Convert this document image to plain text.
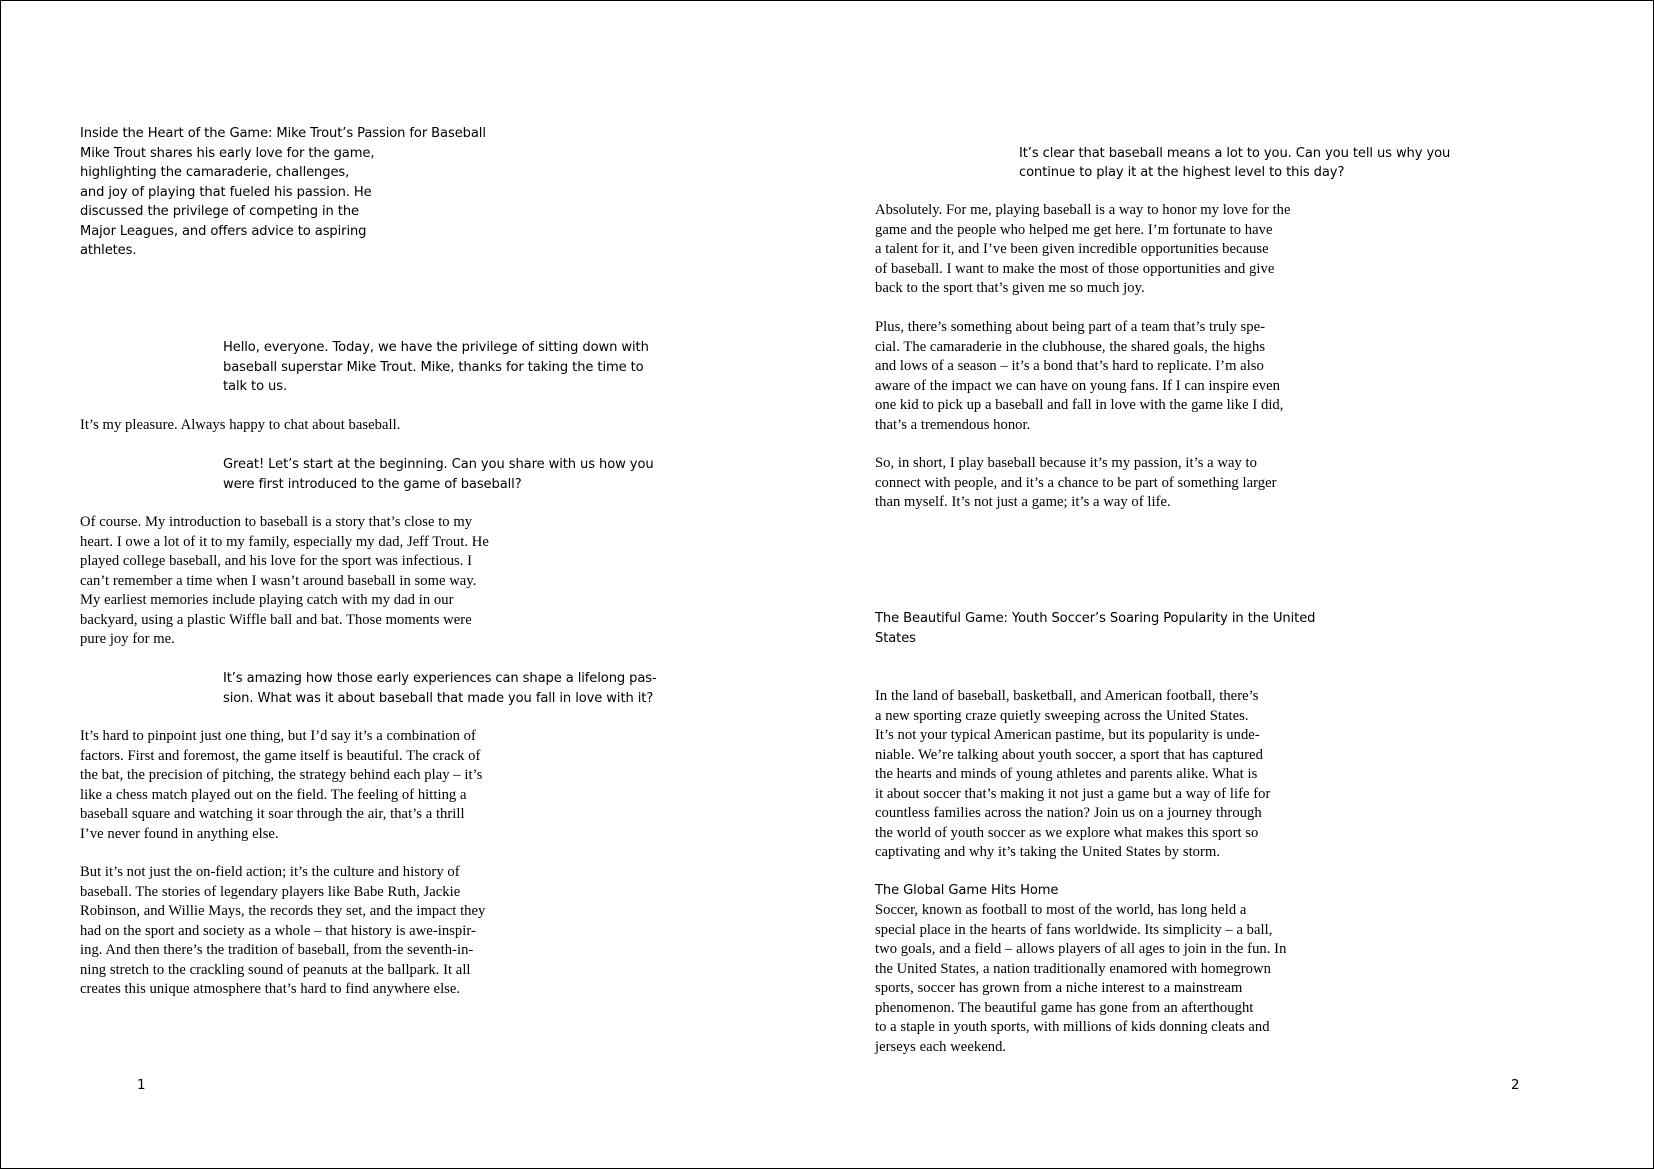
Inside the Heart of the Game: Mike Trout’s Passion for Baseball

Mike Trout shares his early love for the game,
highlighting the camaraderie, challenges,
and joy of playing that fueled his passion. He
discussed the privilege of competing in the
Major Leagues, and offers advice to aspiring
athletes.
Hello, everyone. Today, we have the privilege of sitting down with
baseball superstar Mike Trout. Mike, thanks for taking the time to
talk to us.
It’s my pleasure. Always happy to chat about baseball.
Great! Let’s start at the beginning. Can you share with us how you
were first introduced to the game of baseball?
Of course. My introduction to baseball is a story that’s close to my
heart. I owe a lot of it to my family, especially my dad, Jeff Trout. He
played college baseball, and his love for the sport was infectious. I
can’t remember a time when I wasn’t around baseball in some way.
My earliest memories include playing catch with my dad in our
backyard, using a plastic Wiffle ball and bat. Those moments were
pure joy for me.
It’s amazing how those early experiences can shape a lifelong pas-
sion. What was it about baseball that made you fall in love with it?
It’s hard to pinpoint just one thing, but I’d say it’s a combination of
factors. First and foremost, the game itself is beautiful. The crack of
the bat, the precision of pitching, the strategy behind each play – it’s
like a chess match played out on the field. The feeling of hitting a
baseball square and watching it soar through the air, that’s a thrill
I’ve never found in anything else.
But it’s not just the on-field action; it’s the culture and history of
baseball. The stories of legendary players like Babe Ruth, Jackie
Robinson, and Willie Mays, the records they set, and the impact they
had on the sport and society as a whole – that history is awe-inspir-
ing. And then there’s the tradition of baseball, from the seventh-in-
ning stretch to the crackling sound of peanuts at the ballpark. It all
creates this unique atmosphere that’s hard to find anywhere else.

1

It’s clear that baseball means a lot to you. Can you tell us why you
continue to play it at the highest level to this day?
Absolutely. For me, playing baseball is a way to honor my love for the
game and the people who helped me get here. I’m fortunate to have
a talent for it, and I’ve been given incredible opportunities because
of baseball. I want to make the most of those opportunities and give
back to the sport that’s given me so much joy.
Plus, there’s something about being part of a team that’s truly spe-
cial. The camaraderie in the clubhouse, the shared goals, the highs
and lows of a season – it’s a bond that’s hard to replicate. I’m also
aware of the impact we can have on young fans. If I can inspire even
one kid to pick up a baseball and fall in love with the game like I did,
that’s a tremendous honor.
So, in short, I play baseball because it’s my passion, it’s a way to
connect with people, and it’s a chance to be part of something larger
than myself. It’s not just a game; it’s a way of life.
The Beautiful Game: Youth Soccer’s Soaring Popularity in the United
States
In the land of baseball, basketball, and American football, there’s
a new sporting craze quietly sweeping across the United States.
It’s not your typical American pastime, but its popularity is unde-
niable. We’re talking about youth soccer, a sport that has captured
the hearts and minds of young athletes and parents alike. What is
it about soccer that’s making it not just a game but a way of life for
countless families across the nation? Join us on a journey through
the world of youth soccer as we explore what makes this sport so
captivating and why it’s taking the United States by storm.

The Global Game Hits Home

Soccer, known as football to most of the world, has long held a
special place in the hearts of fans worldwide. Its simplicity – a ball,
two goals, and a field – allows players of all ages to join in the fun. In
the United States, a nation traditionally enamored with homegrown
sports, soccer has grown from a niche interest to a mainstream
phenomenon. The beautiful game has gone from an afterthought
to a staple in youth sports, with millions of kids donning cleats and
jerseys each weekend.

2
